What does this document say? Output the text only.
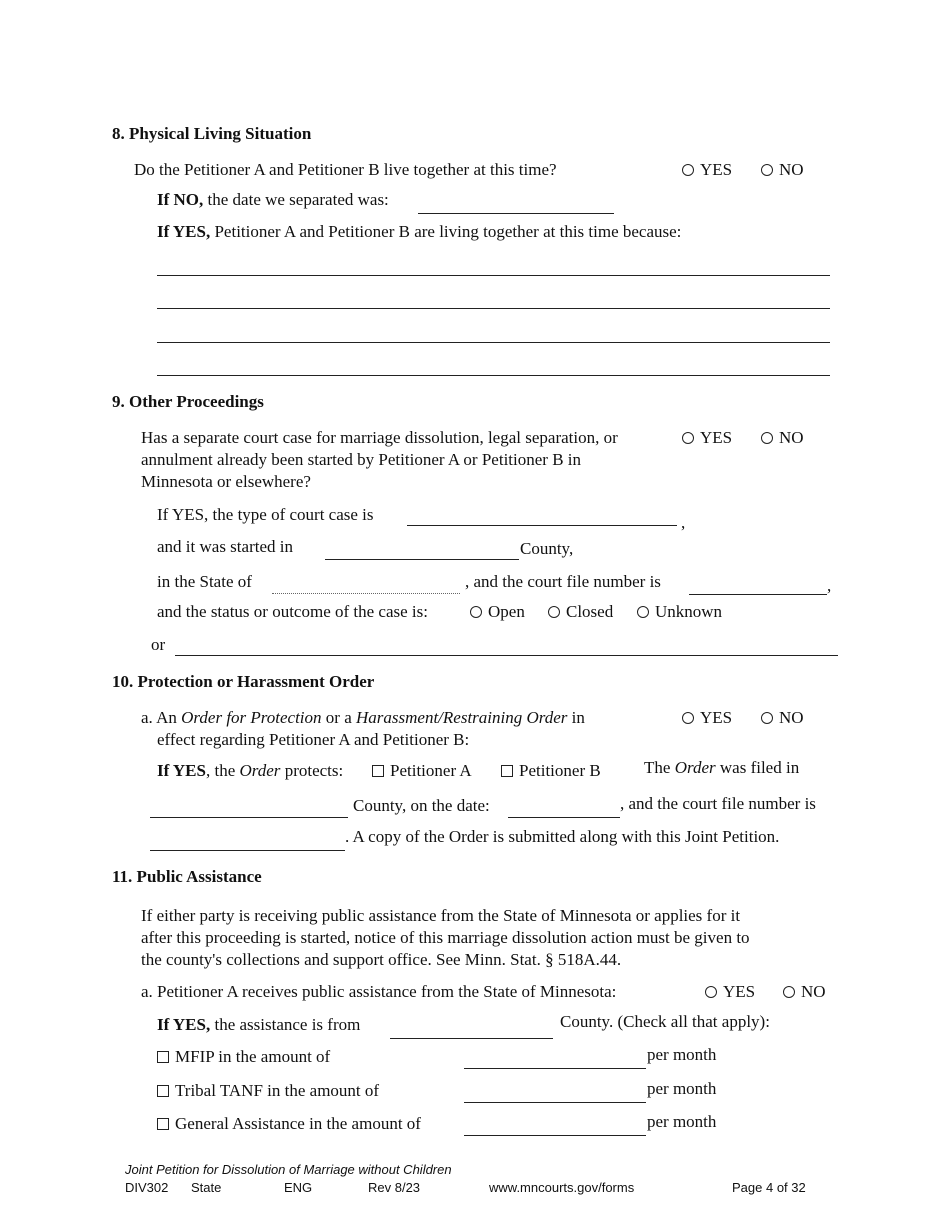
8. Physical Living Situation
Do the Petitioner A and Petitioner B live together at this time?	YES	NO
If NO, the date we separated was:
If YES, Petitioner A and Petitioner B are living together at this time because:
9. Other Proceedings
Has a separate court case for marriage dissolution, legal separation, or
annulment already been started by Petitioner A or Petitioner B in
Minnesota or elsewhere?
YES	NO
If YES, the type of court case is	,
and it was started in	County,
in the State of	, and the court file number is	,
and the status or outcome of the case is:	Open	Closed	Unknown
or
10. Protection or Harassment Order
a. An Order for Protection or a Harassment/Restraining Order in
effect regarding Petitioner A and Petitioner B:
YES	NO
If YES, the Order protects:	Petitioner A	Petitioner B	The Order was filed in
County, on the date:	, and the court file number is
. A copy of the Order is submitted along with this Joint Petition.
11. Public Assistance
If either party is receiving public assistance from the State of Minnesota or applies for it
after this proceeding is started, notice of this marriage dissolution action must be given to
the county's collections and support office. See Minn. Stat. § 518A.44.
a. Petitioner A receives public assistance from the State of Minnesota:	YES	NO
If YES, the assistance is from	County. (Check all that apply):
MFIP in the amount of	per month
Tribal TANF in the amount of	per month
General Assistance in the amount of	per month
Joint Petition for Dissolution of Marriage without Children
DIV302 State	ENG	Rev 8/23	www.mncourts.gov/forms	Page 4 of 32
